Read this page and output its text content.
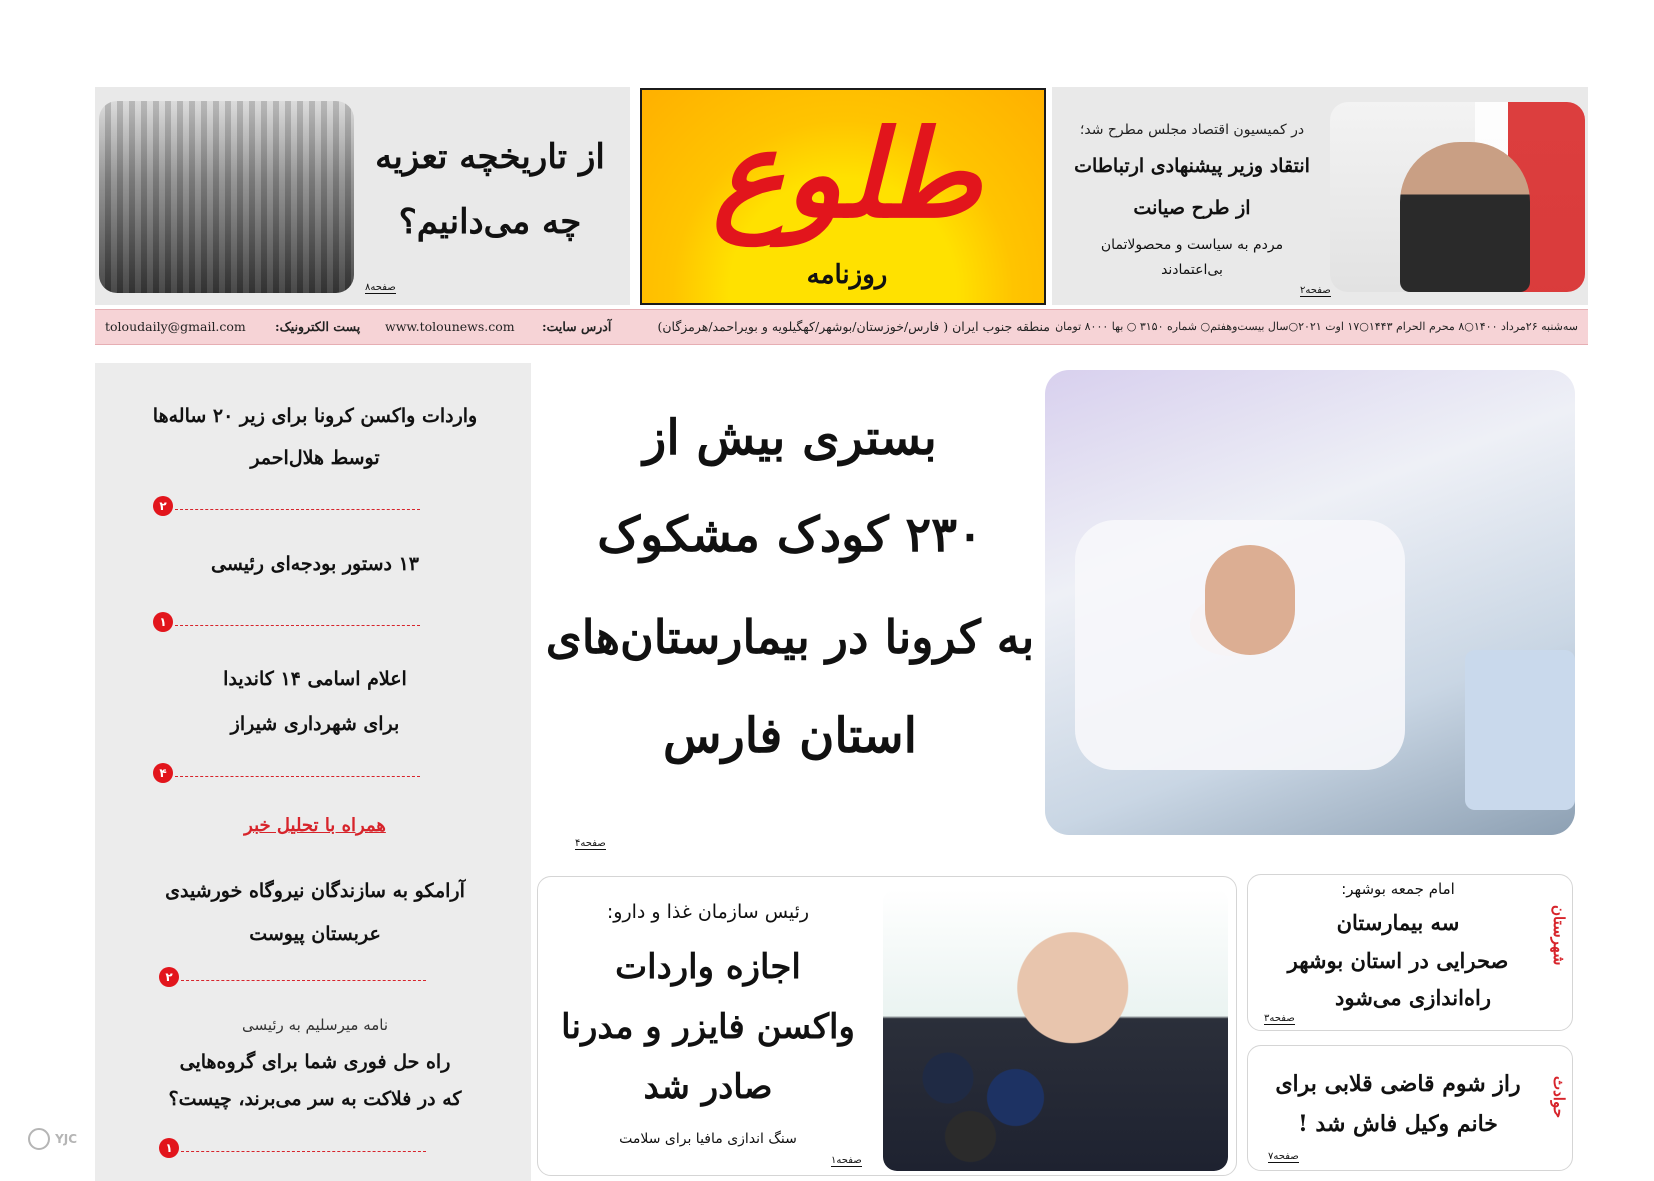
از تاریخچه تعزیه
چه می‌دانیم؟
صفحه۸
طلوع
روزنامه
در کمیسیون اقتصاد مجلس مطرح شد؛
انتقاد وزیر پیشنهادی ارتباطات
از طرح صیانت
مردم به سیاست و محصولاتمان
بی‌اعتمادند
صفحه۲
سه‌شنبه ۲۶مرداد ۱۴۰۰○۸ محرم الحرام ۱۴۴۳○۱۷ اوت ۲۰۲۱○سال بیست‌وهفتم○ شماره ۳۱۵۰ ○ بها ۸۰۰۰ تومان
منطقه جنوب ایران ( فارس/خوزستان/بوشهر/کهگیلویه و بویراحمد/هرمزگان)
آدرس سایت:
www.tolounews.com
پست الکترونیک:
toloudaily@gmail.com
واردات واکسن کرونا برای زیر ۲۰ ساله‌ها
توسط هلال‌احمر
۲
۱۳ دستور بودجه‌ای رئیسی
۱
اعلام اسامی ۱۴ کاندیدا
برای شهرداری شیراز
۴
همراه با تحلیل خبر
آرامکو به سازندگان نیروگاه خورشیدی
عربستان پیوست
۲
نامه میرسلیم به رئیسی
راه حل فوری شما برای گروه‌هایی
که در فلاکت به سر می‌برند، چیست؟
۱
YJC
بستری بیش از
۲۳۰ کودک مشکوک
به کرونا در بیمارستان‌های
استان فارس
صفحه۴
رئیس سازمان غذا و دارو:
اجازه واردات
واکسن فایزر و مدرنا
صادر شد
سنگ اندازی مافیا برای سلامت
صفحه۱
شهرستان
امام جمعه بوشهر:
سه بیمارستان
صحرایی در استان بوشهر
راه‌اندازی می‌شود
صفحه۳
حوادث
راز شوم قاضی قلابی برای
خانم وکیل فاش شد !
صفحه۷
